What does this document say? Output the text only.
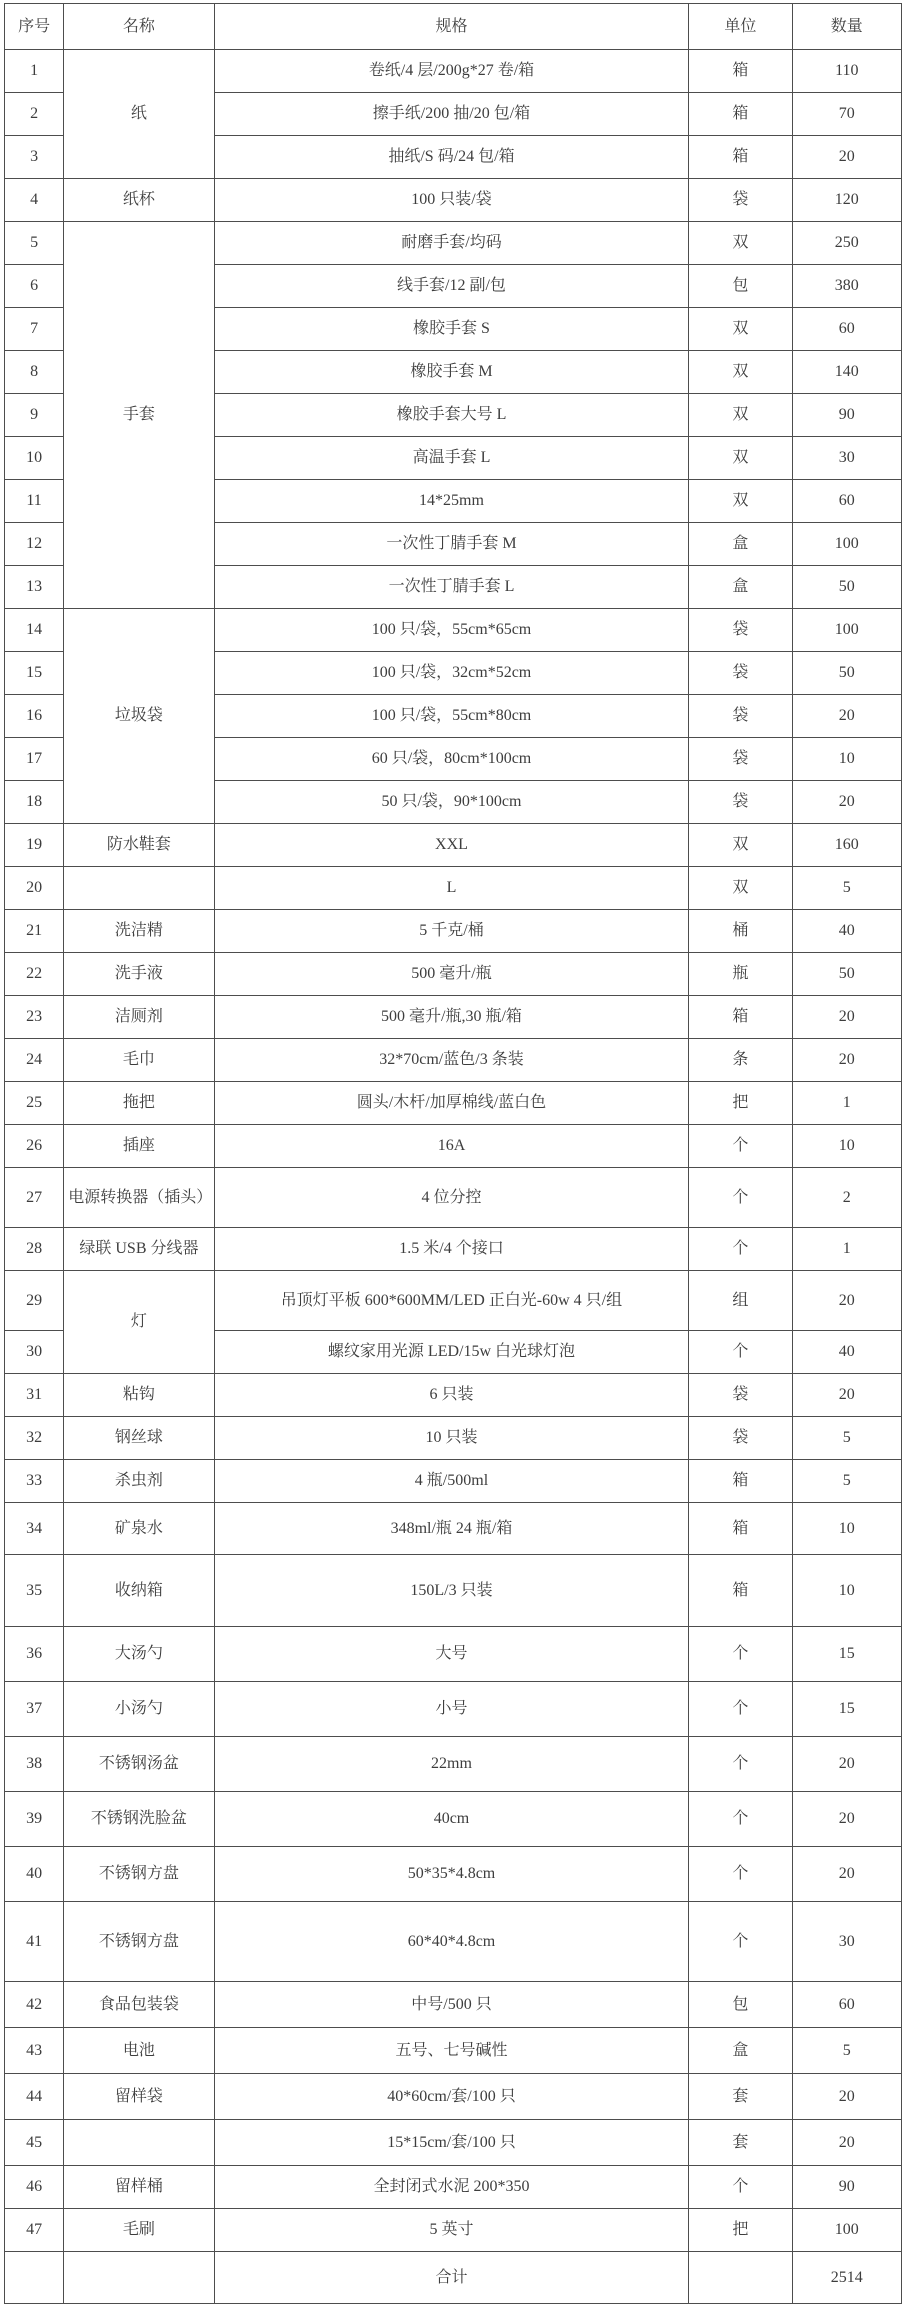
序号	名称	规格	单位	数量
1	纸	卷纸/4 层/200g*27 卷/箱	箱	110
2		擦手纸/200 抽/20 包/箱	箱	70
3		抽纸/S 码/24 包/箱	箱	20
4	纸杯	100 只装/袋	袋	120
5	手套	耐磨手套/均码	双	250
6		线手套/12 副/包	包	380
7		橡胶手套 S	双	60
8		橡胶手套 M	双	140
9		橡胶手套大号 L	双	90
10		高温手套 L	双	30
11		14*25mm	双	60
12		一次性丁腈手套 M	盒	100
13		一次性丁腈手套 L	盒	50
14	垃圾袋	100 只/袋，55cm*65cm	袋	100
15		100 只/袋，32cm*52cm	袋	50
16		100 只/袋，55cm*80cm	袋	20
17		60 只/袋，80cm*100cm	袋	10
18		50 只/袋，90*100cm	袋	20
19	防水鞋套	XXL	双	160
20		L	双	5
21	洗洁精	5 千克/桶	桶	40
22	洗手液	500 毫升/瓶	瓶	50
23	洁厕剂	500 毫升/瓶,30 瓶/箱	箱	20
24	毛巾	32*70cm/蓝色/3 条装	条	20
25	拖把	圆头/木杆/加厚棉线/蓝白色	把	1
26	插座	16A	个	10
27	电源转换器（插头）	4 位分控	个	2
28	绿联 USB 分线器	1.5 米/4 个接口	个	1
29	灯	吊顶灯平板 600*600MM/LED 正白光-60w 4 只/组	组	20
30		螺纹家用光源 LED/15w 白光球灯泡	个	40
31	粘钩	6 只装	袋	20
32	钢丝球	10 只装	袋	5
33	杀虫剂	4 瓶/500ml	箱	5
34	矿泉水	348ml/瓶 24 瓶/箱	箱	10
35	收纳箱	150L/3 只装	箱	10
36	大汤勺	大号	个	15
37	小汤勺	小号	个	15
38	不锈钢汤盆	22mm	个	20
39	不锈钢洗脸盆	40cm	个	20
40	不锈钢方盘	50*35*4.8cm	个	20
41	不锈钢方盘	60*40*4.8cm	个	30
42	食品包装袋	中号/500 只	包	60
43	电池	五号、七号碱性	盒	5
44	留样袋	40*60cm/套/100 只	套	20
45		15*15cm/套/100 只	套	20
46	留样桶	全封闭式水泥 200*350	个	90
47	毛刷	5 英寸	把	100
		合计		2514
